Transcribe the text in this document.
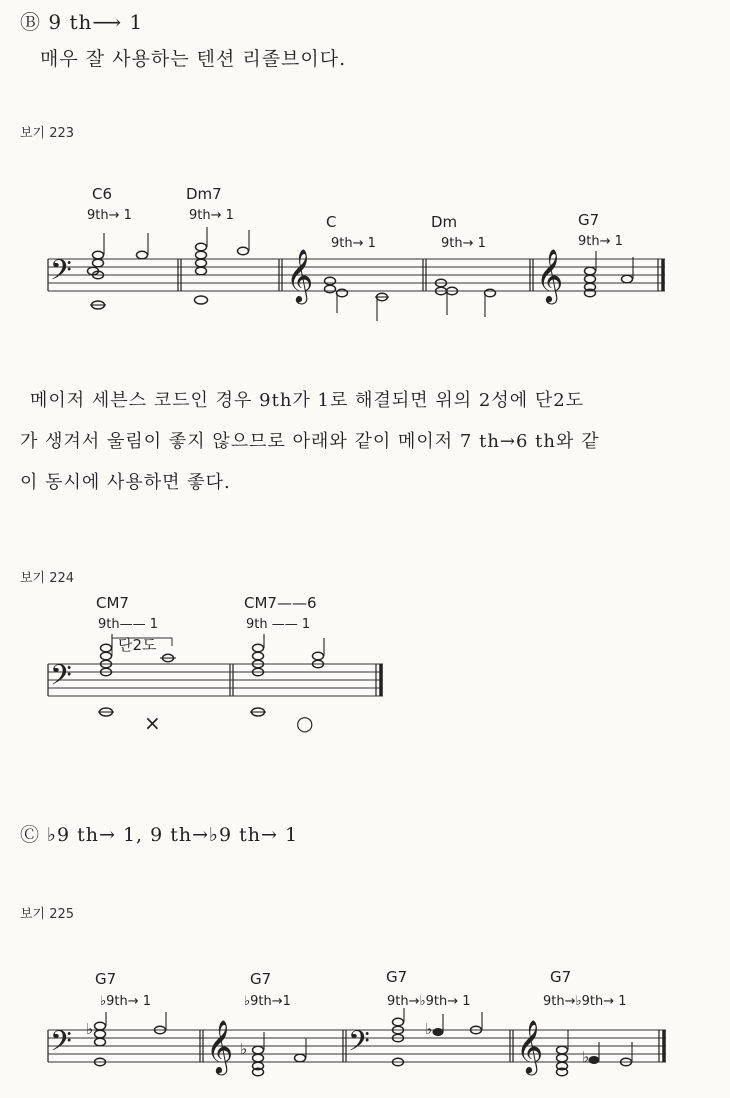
Ⓑ 9 th⟶ 1
매우 잘 사용하는 텐션 리졸브이다.
보기 223
C6
9th→ 1
Dm7
9th→ 1	C
9th→ 1
Dm
9th→ 1
G7
9th→ 1
𝄢	𝄞	𝄞
메이저 세븐스 코드인 경우 9th가 1로 해결되면 위의 2성에 단2도
가 생겨서 울림이 좋지 않으므로 아래와 같이 메이저 7 th→6 th와 같
이 동시에 사용하면 좋다.
보기 224
CM7
9th—— 1
CM7——6
9th —— 1
단2도
𝄢
×	○
Ⓒ ♭9 th→ 1, 9 th→♭9 th→ 1
보기 225
G7
♭9th→ 1
G7
♭9th→1
G7
9th→♭9th→ 1
G7
9th→♭9th→ 1
𝄢	𝄞	𝄢	𝄞
♭
♭
♭
♭
